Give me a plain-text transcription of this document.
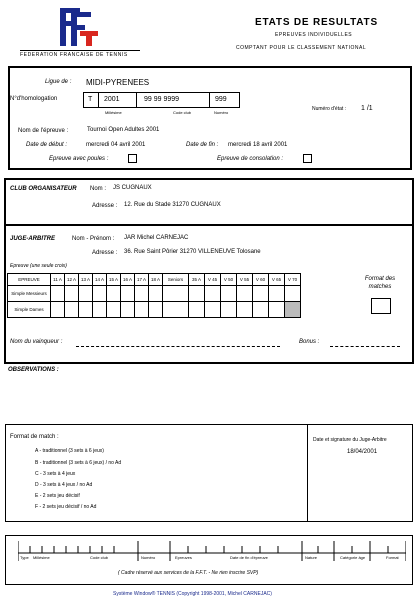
FEDERATION FRANCAISE DE TENNIS
ETATS DE RESULTATS
EPREUVES INDIVIDUELLES
COMPTANT POUR LE CLASSEMENT NATIONAL
Ligue de : MIDI-PYRENEES
N°d'homologation	T 2001	99 99 9999	999
Millésime	Code club	Numéro
Numéro d'état : 1 /1
Nom de l'épreuve :	Tournoi Open Adultes 2001
Date de début :	mercredi 04 avril 2001	Date de fin : mercredi 18 avril 2001
Epreuve avec poules :	Epreuve de consolation :
CLUB ORGANISATEUR Nom : JS CUGNAUX
Adresse : 12. Rue du Stade 31270 CUGNAUX
JUGE-ARBITRE	Nom - Prénom : JAR Michel CARNEJAC
Adresse : 36. Rue Saint Pôrier 31270 VILLENEUVE Tolosane
Epreuve (une seule croix)
EPREUVE	11 A	12 A	13 A	14 A	15 A	16 A	17 A	18 A	Seniors	35 A	V 45	V 50	V 55	V 60	V 65	V 70
Simple Messieurs																
Simple Dames																
Format des matches
Nom du vainqueur :	Bonus :
OBSERVATIONS :
Format de match :
A - traditionnel (3 sets à 6 jeux)
B - traditionnel (3 sets à 6 jeux) / no Ad
C - 3 sets à 4 jeux
D - 3 sets à 4 jeux / no Ad
E - 2 sets jeu décisif
F - 2 sets jeu décisif / no Ad
Date et signature du Juge-Arbitre
18/04/2001
Type Millésime	Code club	Numéro	Epreuves	Date de fin d'épreuve	Nature	Catégorie âge	Format
( Cadre réservé aux services de la F.F.T. - Ne rien inscrire SVP)
Système Window® TENNIS (Copyright 1998-2001, Michel CARNEJAC)
